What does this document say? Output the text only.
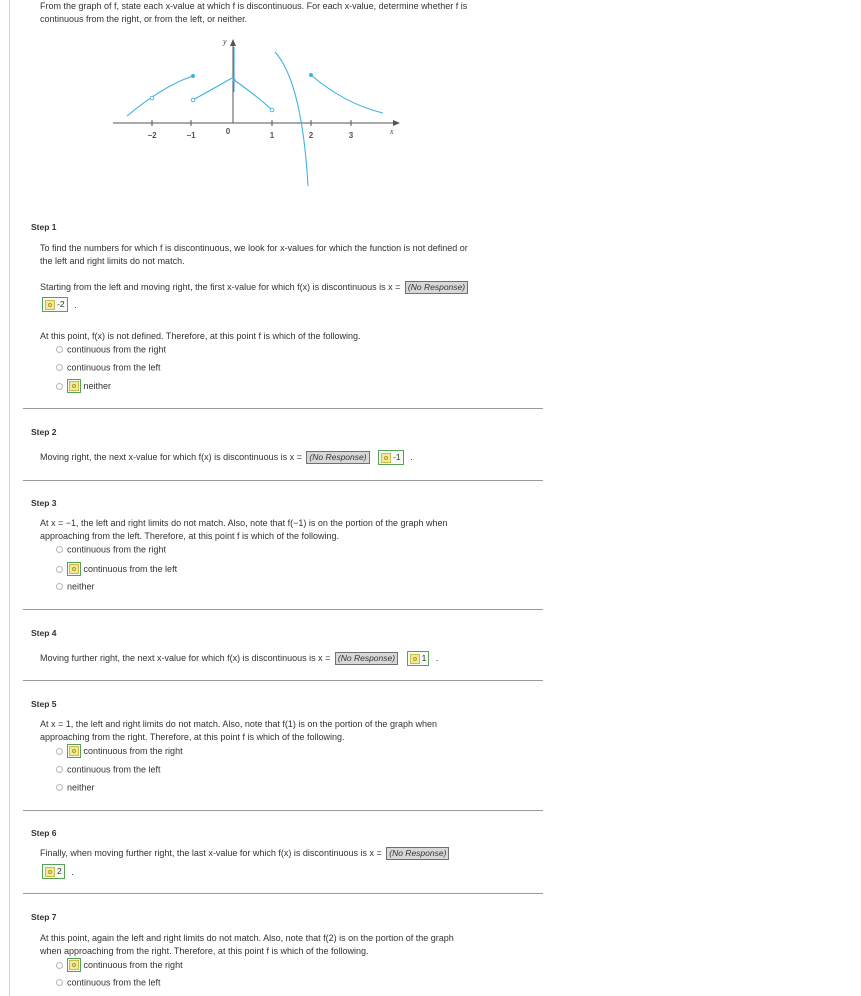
From the graph of f, state each x-value at which f is discontinuous. For each x-value, determine whether f is
continuous from the right, or from the left, or neither.
y
x
−2	−1	0	1	2	3
Step 1
To find the numbers for which f is discontinuous, we look for x-values for which the function is not defined or
the left and right limits do not match.
Starting from the left and moving right, the first x-value for which f(x) is discontinuous is x = (No Response)
-2 .
At this point, f(x) is not defined. Therefore, at this point f is which of the following.
continuous from the right
continuous from the left
neither
Step 2
Moving right, the next x-value for which f(x) is discontinuous is x = (No Response)	-1 .
Step 3
At x = −1, the left and right limits do not match. Also, note that f(−1) is on the portion of the graph when
approaching from the left. Therefore, at this point f is which of the following.
continuous from the right
continuous from the left
neither
Step 4
Moving further right, the next x-value for which f(x) is discontinuous is x = (No Response)	1 .
Step 5
At x = 1, the left and right limits do not match. Also, note that f(1) is on the portion of the graph when
approaching from the right. Therefore, at this point f is which of the following.
continuous from the right
continuous from the left
neither
Step 6
Finally, when moving further right, the last x-value for which f(x) is discontinuous is x = (No Response)
2 .
Step 7
At this point, again the left and right limits do not match. Also, note that f(2) is on the portion of the graph
when approaching from the right. Therefore, at this point f is which of the following.
continuous from the right
continuous from the left
